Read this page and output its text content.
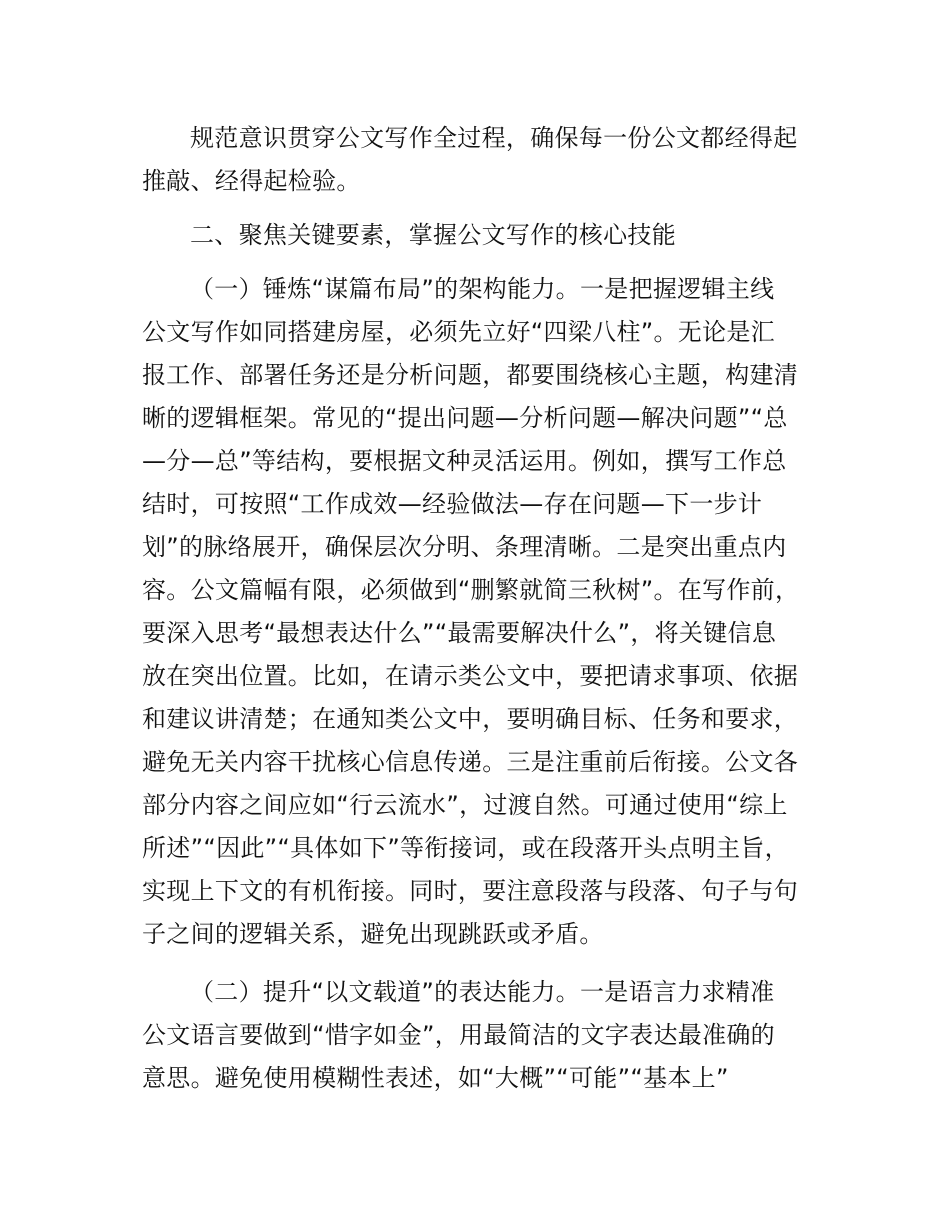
规范意识贯穿公文写作全过程，确保每一份公文都经得起
推敲、经得起检验。
二、聚焦关键要素，掌握公文写作的核心技能
（一）锤炼“谋篇布局”的架构能力。一是把握逻辑主线
公文写作如同搭建房屋，必须先立好“四梁八柱”。无论是汇
报工作、部署任务还是分析问题，都要围绕核心主题，构建清
晰的逻辑框架。常见的“提出问题—分析问题—解决问题”“总
—分—总”等结构，要根据文种灵活运用。例如，撰写工作总
结时，可按照“工作成效—经验做法—存在问题—下一步计
划”的脉络展开，确保层次分明、条理清晰。二是突出重点内
容。公文篇幅有限，必须做到“删繁就简三秋树”。在写作前，
要深入思考“最想表达什么”“最需要解决什么”，将关键信息
放在突出位置。比如，在请示类公文中，要把请求事项、依据
和建议讲清楚；在通知类公文中，要明确目标、任务和要求，
避免无关内容干扰核心信息传递。三是注重前后衔接。公文各
部分内容之间应如“行云流水”，过渡自然。可通过使用“综上
所述”“因此”“具体如下”等衔接词，或在段落开头点明主旨，
实现上下文的有机衔接。同时，要注意段落与段落、句子与句
子之间的逻辑关系，避免出现跳跃或矛盾。
（二）提升“以文载道”的表达能力。一是语言力求精准
公文语言要做到“惜字如金”，用最简洁的文字表达最准确的
意思。避免使用模糊性表述，如“大概”“可能”“基本上”
